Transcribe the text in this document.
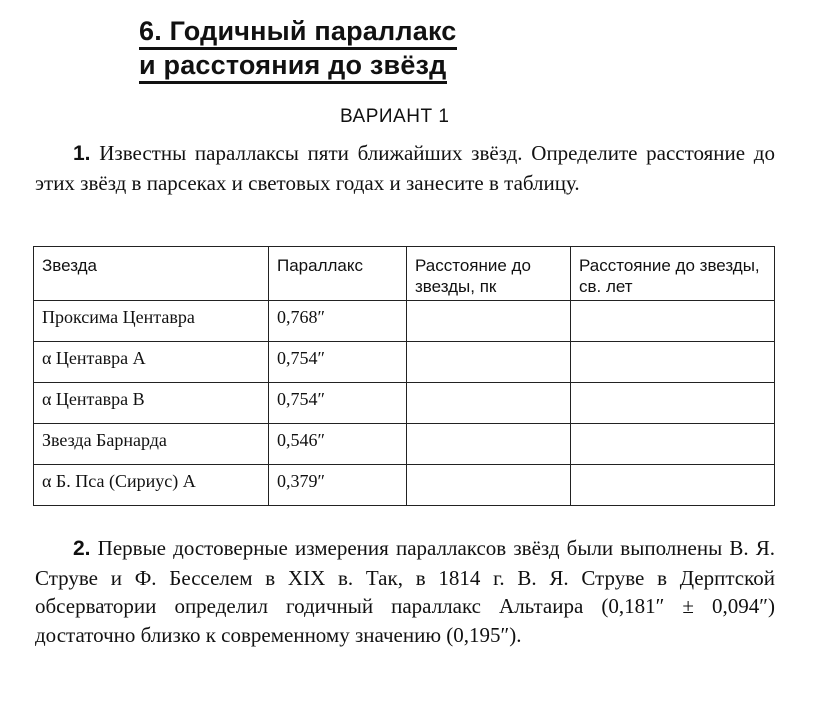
6. Годичный параллакс
и расстояния до звёзд
ВАРИАНТ 1
1. Известны параллаксы пяти ближайших звёзд. Определите расстояние до этих звёзд в парсеках и световых годах и занесите в таблицу.
Звезда	Параллакс	Расстояние до звезды, пк	Расстояние до звезды, св. лет
Проксима Центавра	0,768″		
α Центавра А	0,754″		
α Центавра В	0,754″		
Звезда Барнарда	0,546″		
α Б. Пса (Сириус) А	0,379″		
2. Первые достоверные измерения параллаксов звёзд были выполнены В. Я. Струве и Ф. Бесселем в XIX в. Так, в 1814 г. В. Я. Струве в Дерптской обсерватории определил годичный параллакс Альтаира (0,181″ ± 0,094″) достаточно близко к современному значению (0,195″).
